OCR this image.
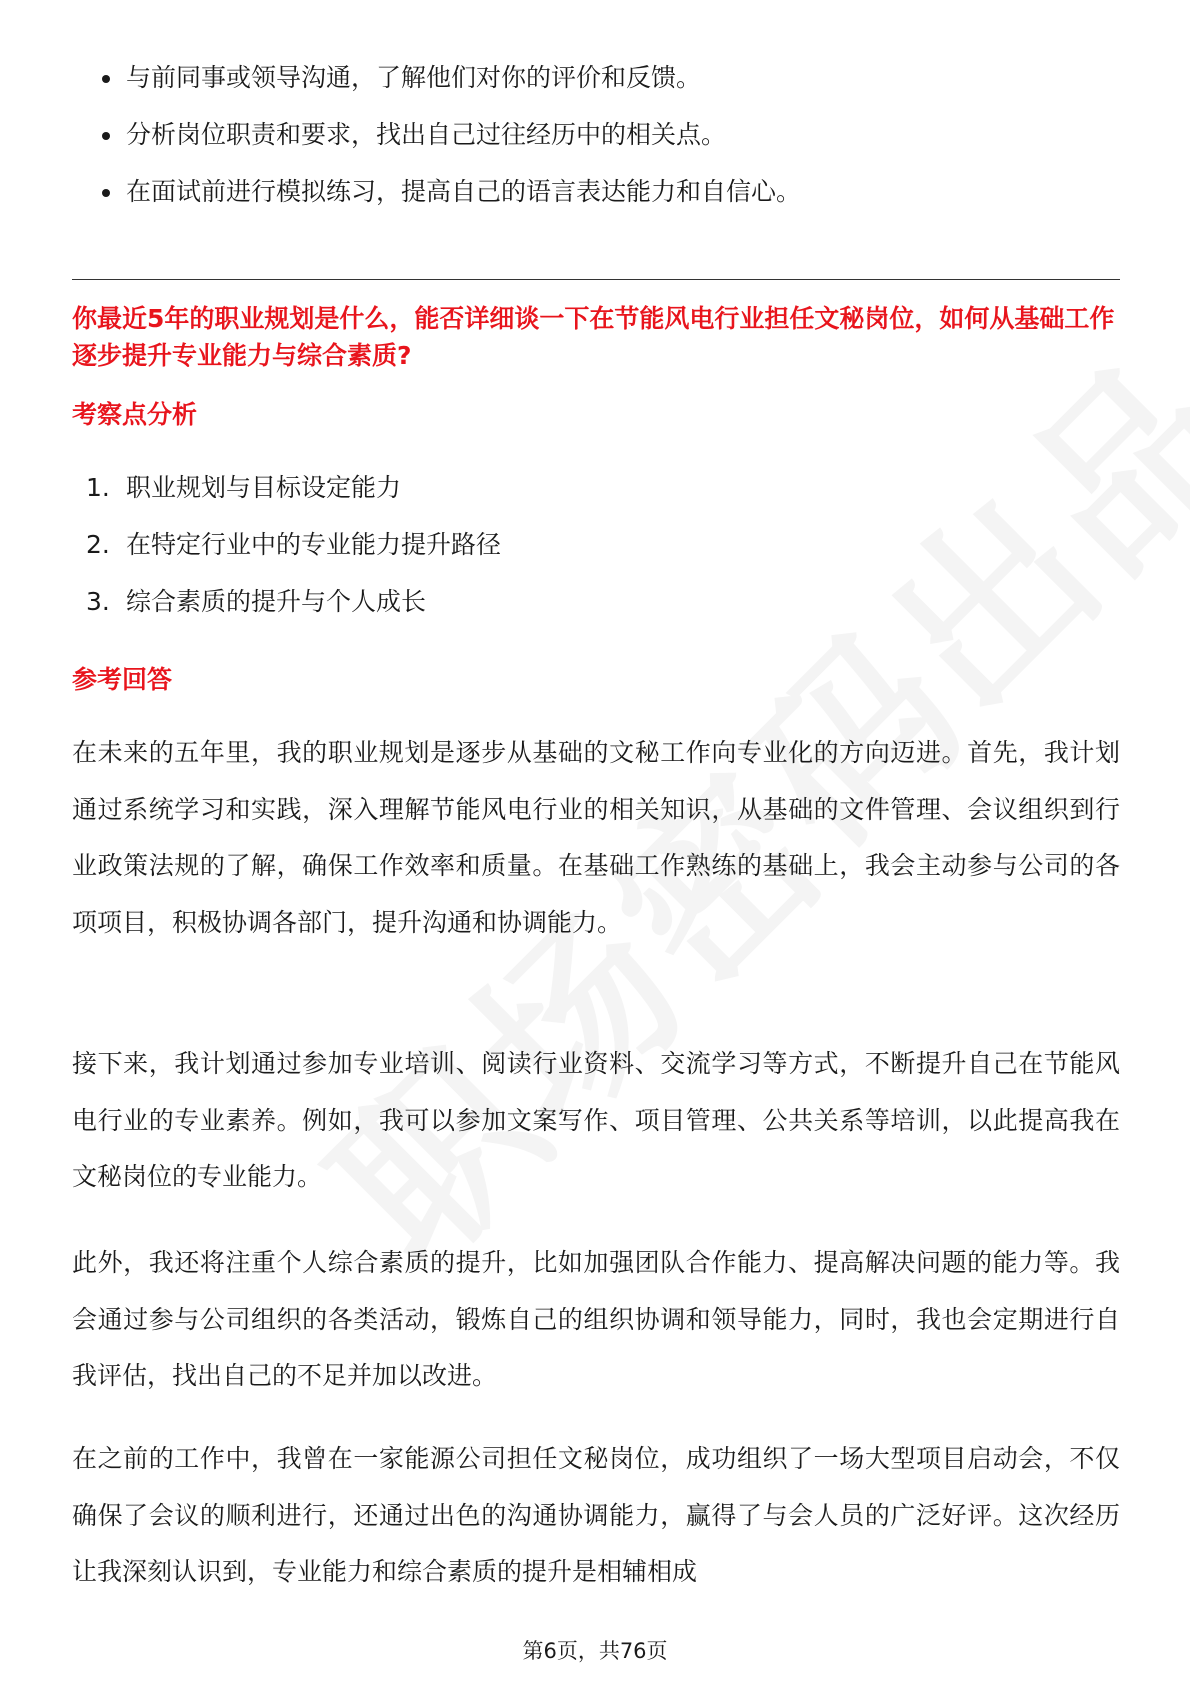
与前同事或领导沟通，了解他们对你的评价和反馈。
分析岗位职责和要求，找出自己过往经历中的相关点。
在面试前进行模拟练习，提高自己的语言表达能力和自信心。
你最近5年的职业规划是什么，能否详细谈一下在节能风电行业担任文秘岗位，如何从基础工作逐步提升专业能力与综合素质?
考察点分析
1. 职业规划与目标设定能力
2. 在特定行业中的专业能力提升路径
3. 综合素质的提升与个人成长
参考回答

在未来的五年里，我的职业规划是逐步从基础的文秘工作向专业化的方向迈进。首先，我计划通过系统学习和实践，深入理解节能风电行业的相关知识，从基础的文件管理、会议组织到行业政策法规的了解，确保工作效率和质量。在基础工作熟练的基础上，我会主动参与公司的各项项目，积极协调各部门，提升沟通和协调能力。

接下来，我计划通过参加专业培训、阅读行业资料、交流学习等方式，不断提升自己在节能风电行业的专业素养。例如，我可以参加文案写作、项目管理、公共关系等培训，以此提高我在文秘岗位的专业能力。

此外，我还将注重个人综合素质的提升，比如加强团队合作能力、提高解决问题的能力等。我会通过参与公司组织的各类活动，锻炼自己的组织协调和领导能力，同时，我也会定期进行自我评估，找出自己的不足并加以改进。

在之前的工作中，我曾在一家能源公司担任文秘岗位，成功组织了一场大型项目启动会，不仅确保了会议的顺利进行，还通过出色的沟通协调能力，赢得了与会人员的广泛好评。这次经历让我深刻认识到，专业能力和综合素质的提升是相辅相成

第6页，共76页
